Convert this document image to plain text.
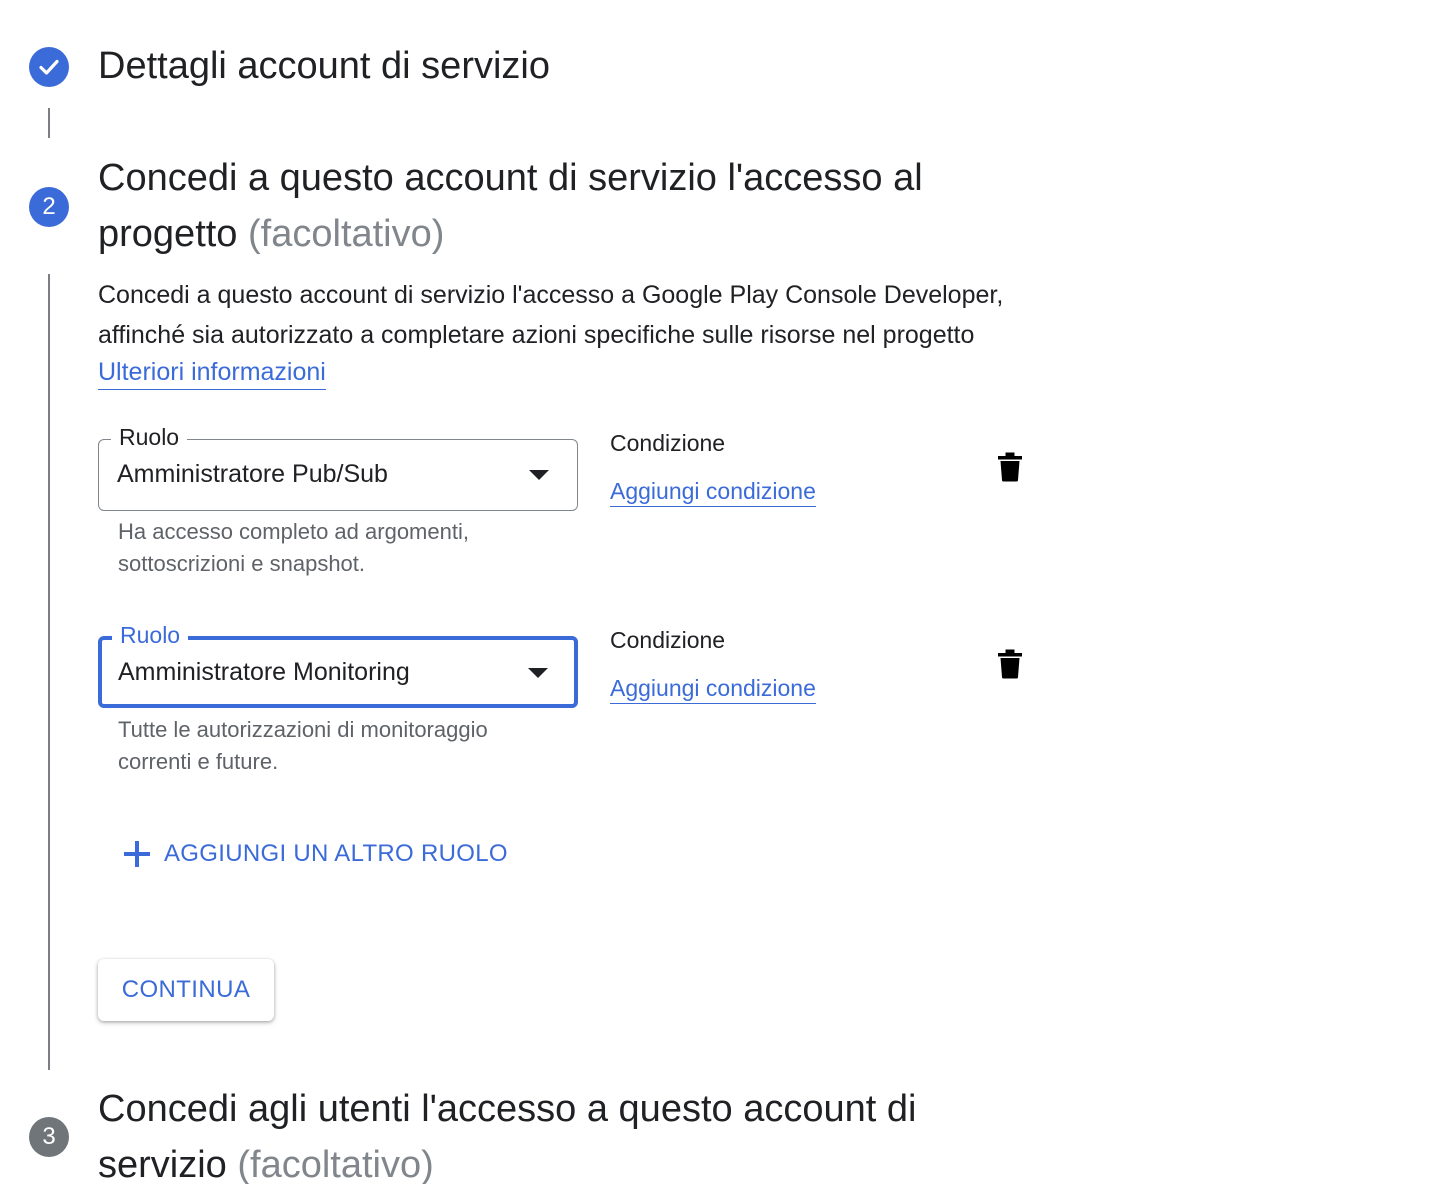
Dettagli account di servizio
2
Concedi a questo account di servizio l'accesso al progetto (facoltativo)
Concedi a questo account di servizio l'accesso a Google Play Console Developer, affinché sia autorizzato a completare azioni specifiche sulle risorse nel progetto
Ulteriori informazioni
Ruolo
Amministratore Pub/Sub
Ha accesso completo ad argomenti, sottoscrizioni e snapshot.
Condizione
Aggiungi condizione
Ruolo
Amministratore Monitoring
Tutte le autorizzazioni di monitoraggio correnti e future.
Condizione
Aggiungi condizione
AGGIUNGI UN ALTRO RUOLO
CONTINUA
3
Concedi agli utenti l'accesso a questo account di servizio (facoltativo)
